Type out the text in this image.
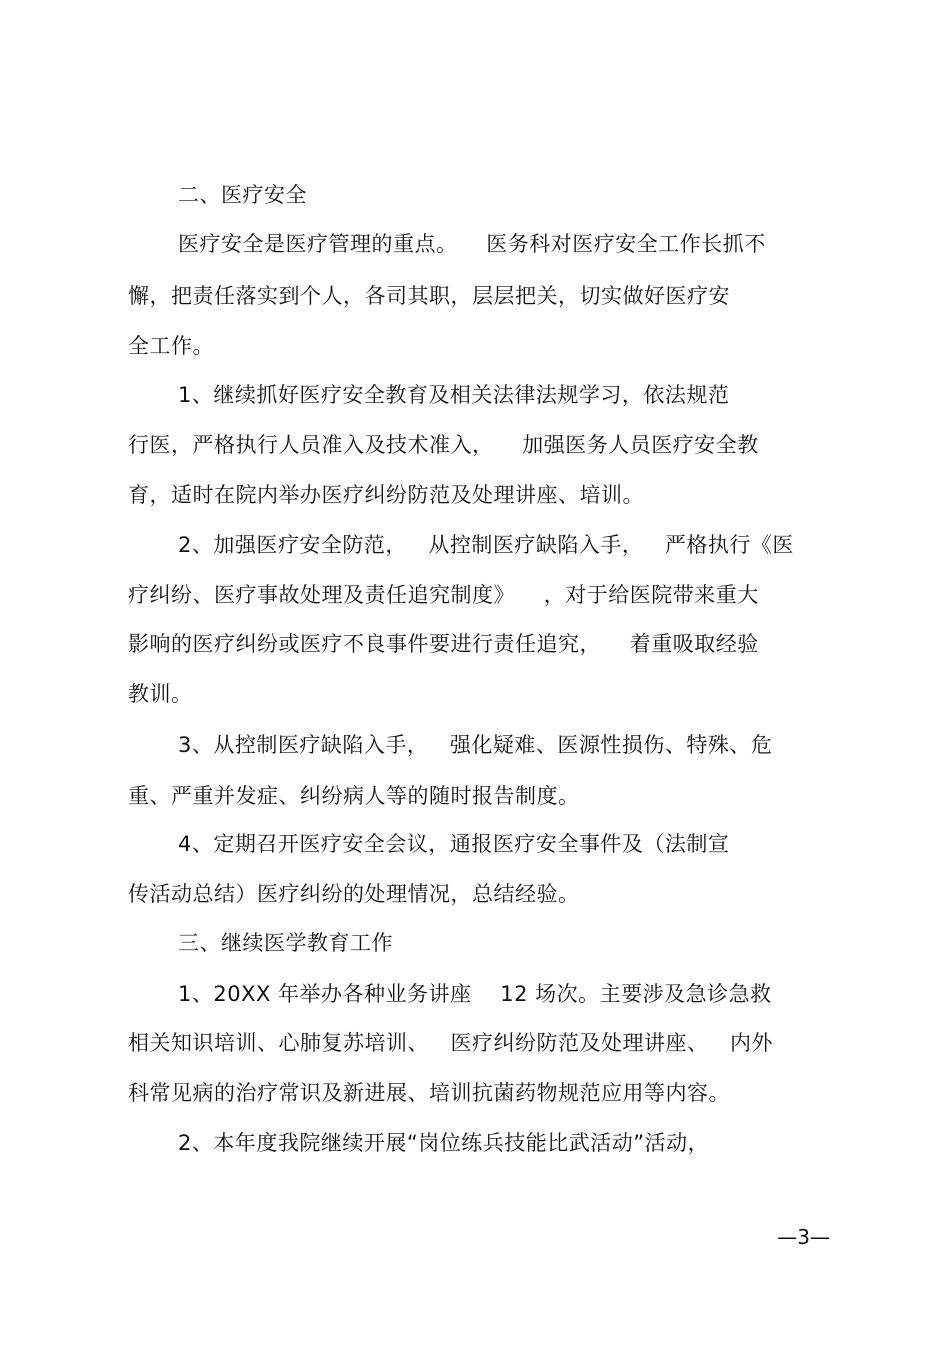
二、医疗安全

医疗安全是医疗管理的重点。    医务科对医疗安全工作长抓不

懈，把责任落实到个人，各司其职，层层把关，切实做好医疗安

全工作。

1、继续抓好医疗安全教育及相关法律法规学习，依法规范

行医，严格执行人员准入及技术准入，    加强医务人员医疗安全教

育，适时在院内举办医疗纠纷防范及处理讲座、培训。

2、加强医疗安全防范，   从控制医疗缺陷入手，   严格执行《医

疗纠纷、医疗事故处理及责任追究制度》    ，对于给医院带来重大

影响的医疗纠纷或医疗不良事件要进行责任追究，    着重吸取经验

教训。

3、从控制医疗缺陷入手，   强化疑难、医源性损伤、特殊、危

重、严重并发症、纠纷病人等的随时报告制度。

4、定期召开医疗安全会议，通报医疗安全事件及（法制宣

传活动总结）医疗纠纷的处理情况，总结经验。

三、继续医学教育工作

1、20XX 年举办各种业务讲座    12 场次。主要涉及急诊急救

相关知识培训、心肺复苏培训、   医疗纠纷防范及处理讲座、   内外

科常见病的治疗常识及新进展、培训抗菌药物规范应用等内容。

2、本年度我院继续开展“岗位练兵技能比武活动”活动，

—3—
